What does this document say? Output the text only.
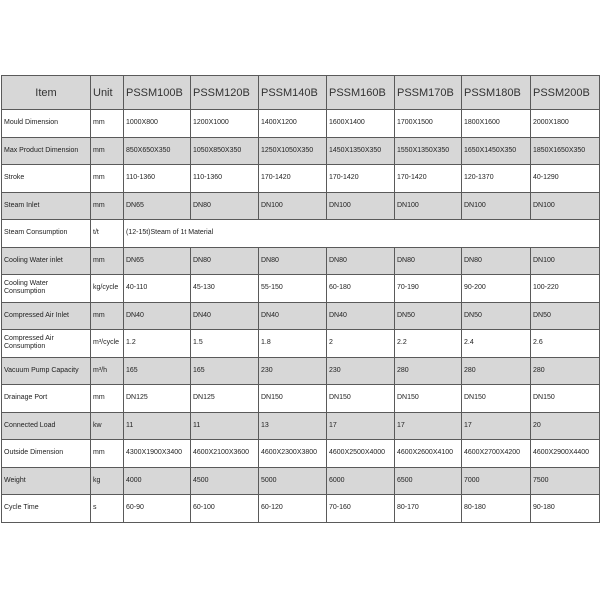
Item	Unit	PSSM100B	PSSM120B	PSSM140B	PSSM160B	PSSM170B	PSSM180B	PSSM200B
Mould Dimension	mm	1000X800	1200X1000	1400X1200	1600X1400	1700X1500	1800X1600	2000X1800
Max Product Dimension	mm	850X650X350	1050X850X350	1250X1050X350	1450X1350X350	1550X1350X350	1650X1450X350	1850X1650X350
Stroke	mm	110-1360	110-1360	170-1420	170-1420	170-1420	120-1370	40-1290
Steam Inlet	mm	DN65	DN80	DN100	DN100	DN100	DN100	DN100
Steam Consumption	t/t	(12-15t)Steam of 1t Material						
Cooling Water inlet	mm	DN65	DN80	DN80	DN80	DN80	DN80	DN100
Cooling Water Consumption	kg/cycle	40-110	45-130	55-150	60-180	70-190	90-200	100-220
Compressed Air Inlet	mm	DN40	DN40	DN40	DN40	DN50	DN50	DN50
Compressed Air Consumption	m³/cycle	1.2	1.5	1.8	2	2.2	2.4	2.6
Vacuum Pump Capacity	m³/h	165	165	230	230	280	280	280
Drainage Port	mm	DN125	DN125	DN150	DN150	DN150	DN150	DN150
Connected Load	kw	11	11	13	17	17	17	20
Outside Dimension	mm	4300X1900X3400	4600X2100X3600	4600X2300X3800	4600X2500X4000	4600X2600X4100	4600X2700X4200	4600X2900X4400
Weight	kg	4000	4500	5000	6000	6500	7000	7500
Cycle Time	s	60-90	60-100	60-120	70-160	80-170	80-180	90-180
